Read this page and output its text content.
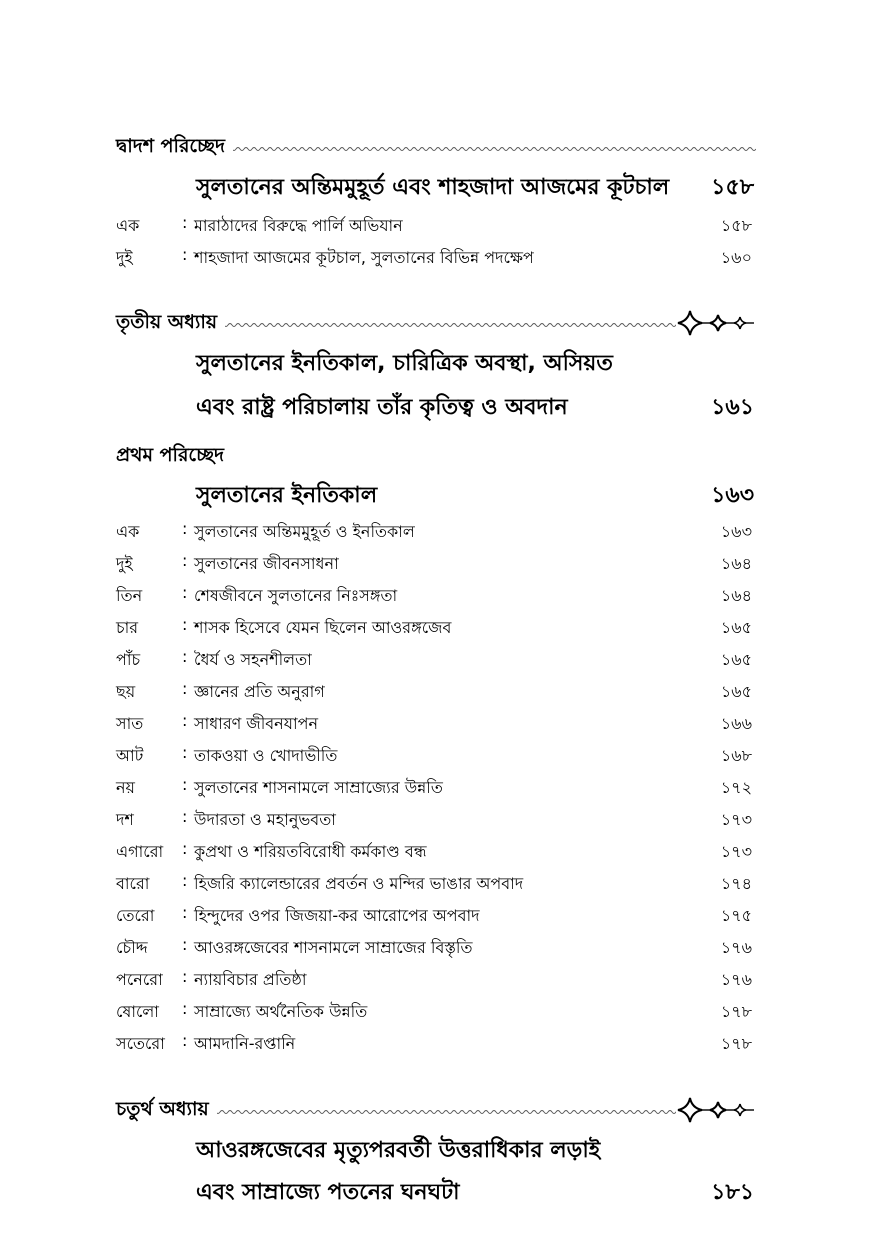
দ্বাদশ পরিচ্ছেদ
সুলতানের অন্তিমমুহূর্ত এবং শাহজাদা আজমের কূটচাল ১৫৮
এক	: মারাঠাদের বিরুদ্ধে পার্লি অভিযান	১৫৮
দুই	: শাহজাদা আজমের কূটচাল, সুলতানের বিভিন্ন পদক্ষেপ	১৬০
তৃতীয় অধ্যায়
সুলতানের ইনতিকাল, চারিত্রিক অবস্থা, অসিয়ত
এবং রাষ্ট্র পরিচালায় তাঁর কৃতিত্ব ও অবদান	১৬১
প্রথম পরিচ্ছেদ
সুলতানের ইনতিকাল	১৬৩
এক	: সুলতানের অন্তিমমুহূর্ত ও ইনতিকাল	১৬৩
দুই	: সুলতানের জীবনসাধনা	১৬৪
তিন : শেষজীবনে সুলতানের নিঃসঙ্গতা	১৬৪
চার	: শাসক হিসেবে যেমন ছিলেন আওরঙ্গজেব	১৬৫
পাঁচ	: ধৈর্য ও সহনশীলতা	১৬৫
ছয়	: জ্ঞানের প্রতি অনুরাগ	১৬৫
সাত : সাধারণ জীবনযাপন	১৬৬
আট : তাকওয়া ও খোদাভীতি	১৬৮
নয়	: সুলতানের শাসনামলে সাম্রাজ্যের উন্নতি	১৭২
দশ	: উদারতা ও মহানুভবতা	১৭৩
এগারো : কুপ্রথা ও শরিয়তবিরোধী কর্মকাণ্ড বন্ধ	১৭৩
বারো : হিজরি ক্যালেন্ডারের প্রবর্তন ও মন্দির ভাঙার অপবাদ	১৭৪
তেরো : হিন্দুদের ওপর জিজয়া-কর আরোপের অপবাদ	১৭৫
চৌদ্দ : আওরঙ্গজেবের শাসনামলে সাম্রাজের বিস্তৃতি	১৭৬
পনেরো : ন্যায়বিচার প্রতিষ্ঠা	১৭৬
ষোলো : সাম্রাজ্যে অর্থনৈতিক উন্নতি	১৭৮
সতেরো : আমদানি-রপ্তানি	১৭৮
চতুর্থ অধ্যায়
আওরঙ্গজেবের মৃত্যুপরবর্তী উত্তরাধিকার লড়াই
এবং সাম্রাজ্যে পতনের ঘনঘটা	১৮১
